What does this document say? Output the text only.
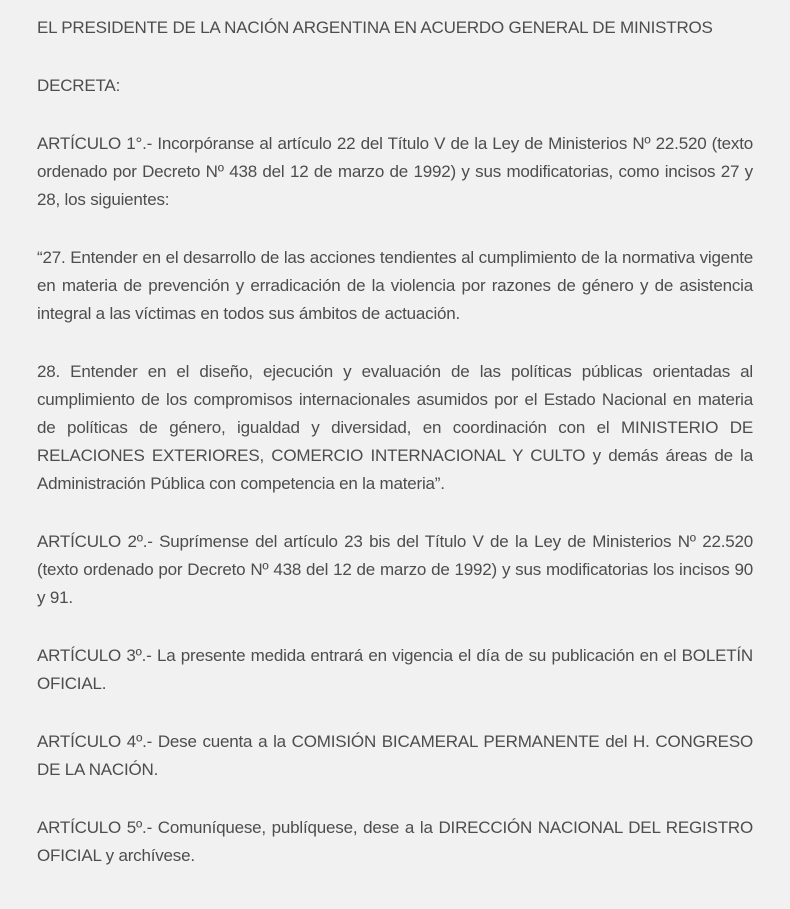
EL PRESIDENTE DE LA NACIÓN ARGENTINA EN ACUERDO GENERAL DE MINISTROS

DECRETA:

ARTÍCULO 1°.- Incorpóranse al artículo 22 del Título V de la Ley de Ministerios Nº 22.520 (texto ordenado por Decreto Nº 438 del 12 de marzo de 1992) y sus modificatorias, como incisos 27 y 28, los siguientes:

“27. Entender en el desarrollo de las acciones tendientes al cumplimiento de la normativa vigente en materia de prevención y erradicación de la violencia por razones de género y de asistencia integral a las víctimas en todos sus ámbitos de actuación.

28. Entender en el diseño, ejecución y evaluación de las políticas públicas orientadas al cumplimiento de los compromisos internacionales asumidos por el Estado Nacional en materia de políticas de género, igualdad y diversidad, en coordinación con el MINISTERIO DE RELACIONES EXTERIORES, COMERCIO INTERNACIONAL Y CULTO y demás áreas de la Administración Pública con competencia en la materia”.

ARTÍCULO 2º.- Suprímense del artículo 23 bis del Título V de la Ley de Ministerios Nº 22.520 (texto ordenado por Decreto Nº 438 del 12 de marzo de 1992) y sus modificatorias los incisos 90 y 91.

ARTÍCULO 3º.- La presente medida entrará en vigencia el día de su publicación en el BOLETÍN OFICIAL.

ARTÍCULO 4º.- Dese cuenta a la COMISIÓN BICAMERAL PERMANENTE del H. CONGRESO DE LA NACIÓN.

ARTÍCULO 5º.- Comuníquese, publíquese, dese a la DIRECCIÓN NACIONAL DEL REGISTRO OFICIAL y archívese.
